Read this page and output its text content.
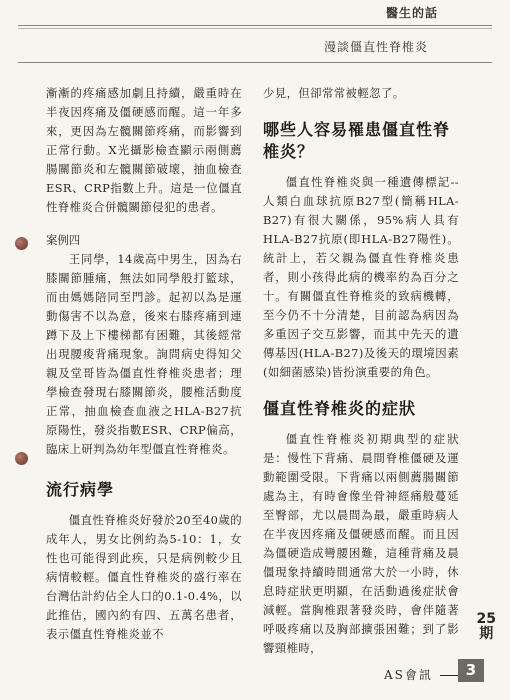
醫生的話
漫談僵直性脊椎炎

漸漸的疼痛感加劇且持續，嚴重時在半夜因疼痛及僵硬感而醒。這一年多來，更因為左髖關節疼痛，而影響到正常行動。X光攝影檢查顯示兩側薦腸關節炎和左髖關節破壞，抽血檢查ESR、CRP指數上升。這是一位僵直性脊椎炎合併髖關節侵犯的患者。

案例四

王同學，14歲高中男生，因為右膝關節腫痛，無法如同學般打籃球，而由媽媽陪同至門診。起初以為是運動傷害不以為意，後來右膝疼痛到連蹲下及上下樓梯都有困難，其後經常出現腰痠背痛現象。詢問病史得知父親及堂哥皆為僵直性脊椎炎患者；理學檢查發現右膝關節炎，腰椎活動度正常，抽血檢查血液之HLA-B27抗原陽性，發炎指數ESR、CRP偏高，臨床上研判為幼年型僵直性脊椎炎。

流行病學

僵直性脊椎炎好發於20至40歲的成年人，男女比例約為5-10：1，女性也可能得到此疾，只是病例較少且病情較輕。僵直性脊椎炎的盛行率在台灣估計約佔全人口的0.1-0.4%，以此推估，國內約有四、五萬名患者，表示僵直性脊椎炎並不

少見，但卻常常被輕忽了。

哪些人容易罹患僵直性脊椎炎？

僵直性脊椎炎與一種遺傳標記--人類白血球抗原B27型(簡稱HLA-B27)有很大關係，95%病人具有HLA-B27抗原(即HLA-B27陽性)。統計上，若父親為僵直性脊椎炎患者，則小孩得此病的機率約為百分之十。有關僵直性脊椎炎的致病機轉，至今仍不十分清楚，目前認為病因為多重因子交互影響，而其中先天的遺傳基因(HLA-B27)及後天的環境因素(如細菌感染)皆扮演重要的角色。

僵直性脊椎炎的症狀

僵直性脊椎炎初期典型的症狀是：慢性下背痛、晨間脊椎僵硬及運動範圍受限。下背痛以兩側薦腸關節處為主，有時會像坐骨神經痛般蔓延至臀部，尤以晨間為最，嚴重時病人在半夜因疼痛及僵硬感而醒。而且因為僵硬造成彎腰困難，這種背痛及晨僵現象持續時間通常大於一小時，休息時症狀更明顯，在活動過後症狀會減輕。當胸椎跟著發炎時，會伴隨著呼吸疼痛以及胸部擴張困難；到了影響頸椎時，

25
期
AS會訊	3
